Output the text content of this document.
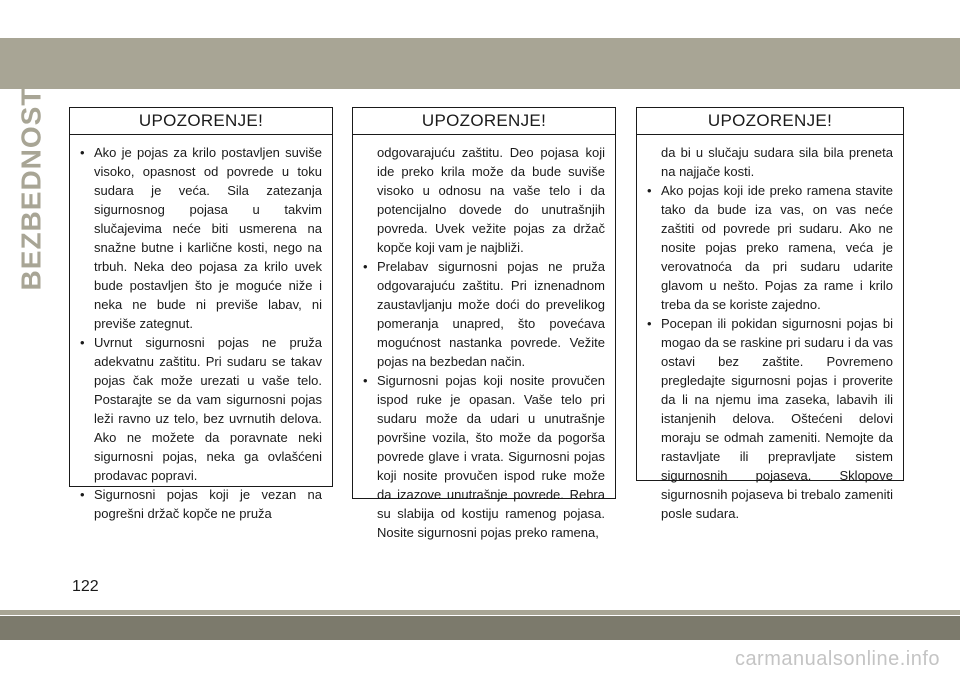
BEZBEDNOST	UPOZORENJE!

• Ako je pojas za krilo postavljen suviše visoko, opasnost od povrede u toku sudara je veća. Sila zatezanja sigurnosnog pojasa u takvim slučajevima neće biti usmerena na snažne butne i karlične kosti, nego na trbuh. Neka deo pojasa za krilo uvek bude postavljen što je moguće niže i neka ne bude ni previše labav, ni previše zategnut.

• Uvrnut sigurnosni pojas ne pruža adekvatnu zaštitu. Pri sudaru se takav pojas čak može urezati u vaše telo. Postarajte se da vam sigurnosni pojas leži ravno uz telo, bez uvrnutih delova. Ako ne možete da poravnate neki sigurnosni pojas, neka ga ovlašćeni prodavac popravi.

• Sigurnosni pojas koji je vezan na pogrešni držač kopče ne pruža

UPOZORENJE!

odgovarajuću zaštitu. Deo pojasa koji ide preko krila može da bude suviše visoko u odnosu na vaše telo i da potencijalno dovede do unutrašnjih povreda. Uvek vežite pojas za držač kopče koji vam je najbliži.

• Prelabav sigurnosni pojas ne pruža odgovarajuću zaštitu. Pri iznenadnom zaustavljanju može doći do prevelikog pomeranja unapred, što povećava mogućnost nastanka povrede. Vežite pojas na bezbedan način.

• Sigurnosni pojas koji nosite provučen ispod ruke je opasan. Vaše telo pri sudaru može da udari u unutrašnje površine vozila, što može da pogorša povrede glave i vrata. Sigurnosni pojas koji nosite provučen ispod ruke može da izazove unutrašnje povrede. Rebra su slabija od kostiju ramenog pojasa. Nosite sigurnosni pojas preko ramena,

UPOZORENJE!

da bi u slučaju sudara sila bila preneta na najjače kosti.

• Ako pojas koji ide preko ramena stavite tako da bude iza vas, on vas neće zaštiti od povrede pri sudaru. Ako ne nosite pojas preko ramena, veća je verovatnoća da pri sudaru udarite glavom u nešto. Pojas za rame i krilo treba da se koriste zajedno.

• Pocepan ili pokidan sigurnosni pojas bi mogao da se raskine pri sudaru i da vas ostavi bez zaštite. Povremeno pregledajte sigurnosni pojas i proverite da li na njemu ima zaseka, labavih ili istanjenih delova. Oštećeni delovi moraju se odmah zameniti. Nemojte da rastavljate ili prepravljate sistem sigurnosnih pojaseva. Sklopove sigurnosnih pojaseva bi trebalo zameniti posle sudara.

122
carmanualsonline.info
